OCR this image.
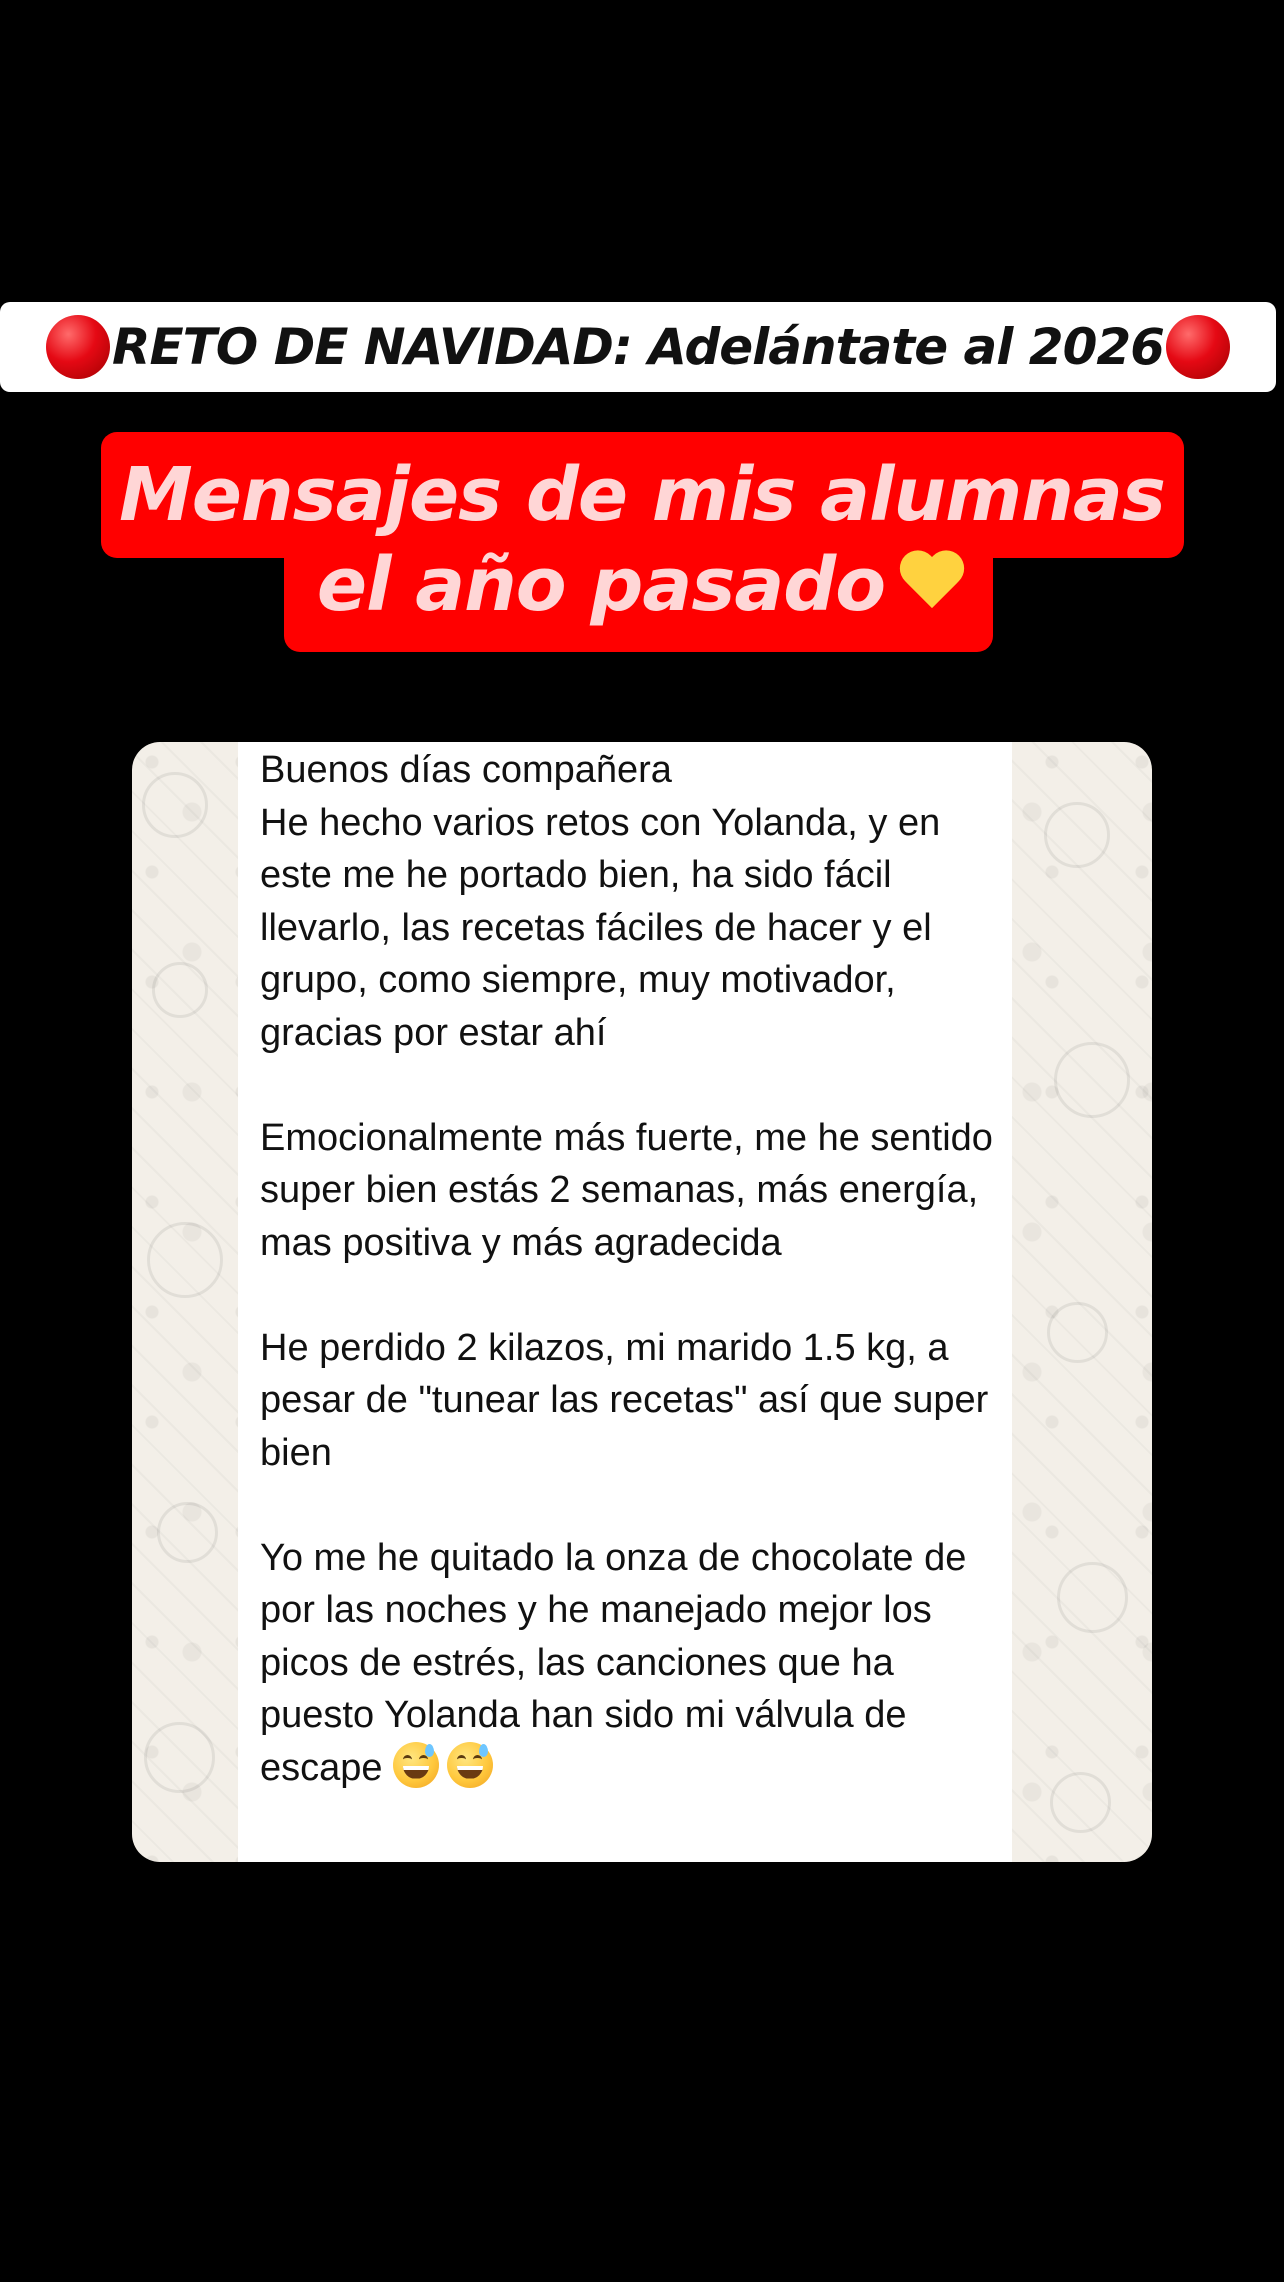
RETO DE NAVIDAD: Adelántate al 2026
Mensajes de mis alumnas
el año pasado
Buenos días compañera
He hecho varios retos con Yolanda, y en este me he portado bien, ha sido fácil llevarlo, las recetas fáciles de hacer y el grupo, como siempre, muy motivador, gracias por estar ahí
Emocionalmente más fuerte, me he sentido super bien estás 2 semanas, más energía, mas positiva y más agradecida
He perdido 2 kilazos, mi marido 1.5 kg, a pesar de "tunear las recetas" así que super bien
Yo me he quitado la onza de chocolate de por las noches y he manejado mejor los picos de estrés, las canciones que ha puesto Yolanda han sido mi válvula de escape
